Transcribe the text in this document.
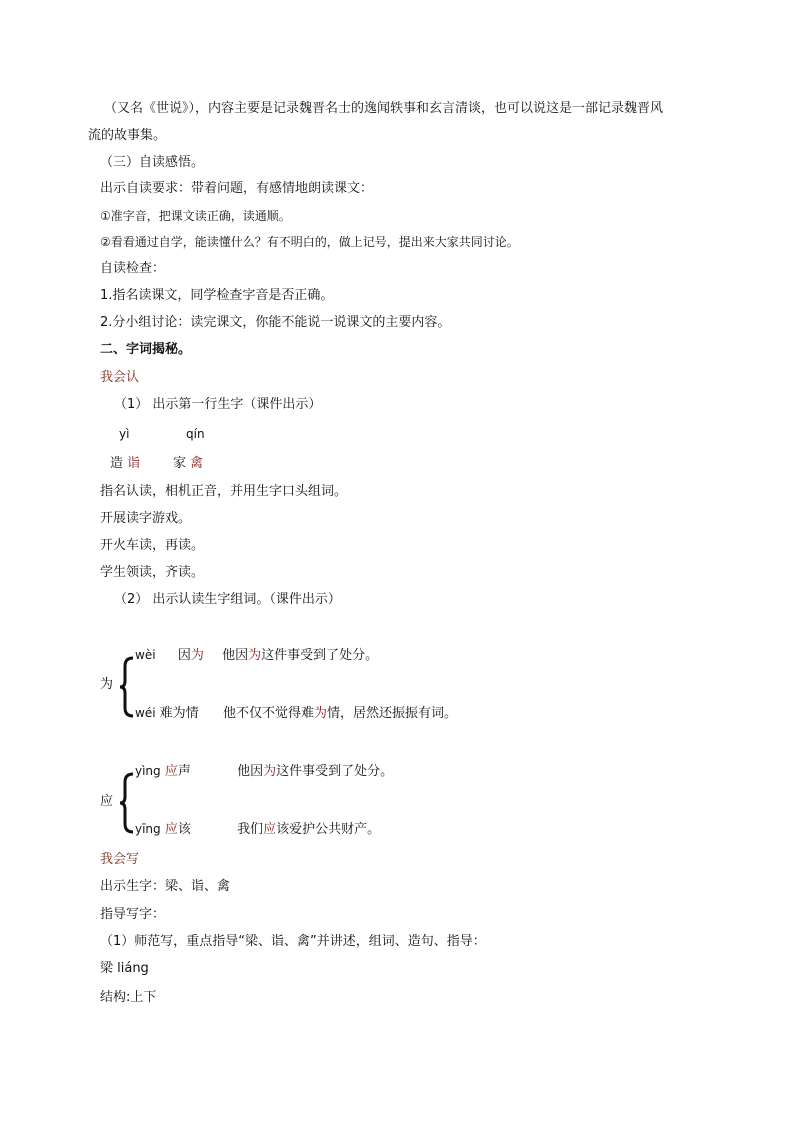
（又名《世说》），内容主要是记录魏晋名士的逸闻轶事和玄言清谈，也可以说这是一部记录魏晋风
流的故事集。
（三）自读感悟。
出示自读要求：带着问题，有感情地朗读课文：
①准字音，把课文读正确，读通顺。
②看看通过自学，能读懂什么？有不明白的，做上记号，提出来大家共同讨论。
自读检查：
1.指名读课文，同学检查字音是否正确。
2.分小组讨论：读完课文，你能不能说一说课文的主要内容。
二、字词揭秘。
我会认
（1） 出示第一行生字（课件出示）
yì	qín
造 诣	家 禽
指名认读，相机正音，并用生字口头组词。
开展读字游戏。
开火车读，再读。
学生领读，齐读。
（2） 出示认读生字组词。（课件出示）
为
wèi 因为 他因为这件事受到了处分。
wéi 难为情 他不仅不觉得难为情，居然还振振有词。
应
yìng 应声	他因为这件事受到了处分。
yīng 应该	我们应该爱护公共财产。
我会写
出示生字：梁、诣、禽
指导写字：
（1）师范写，重点指导“梁、诣、禽”并讲述，组词、造句、指导：
梁 liáng
结构:上下
